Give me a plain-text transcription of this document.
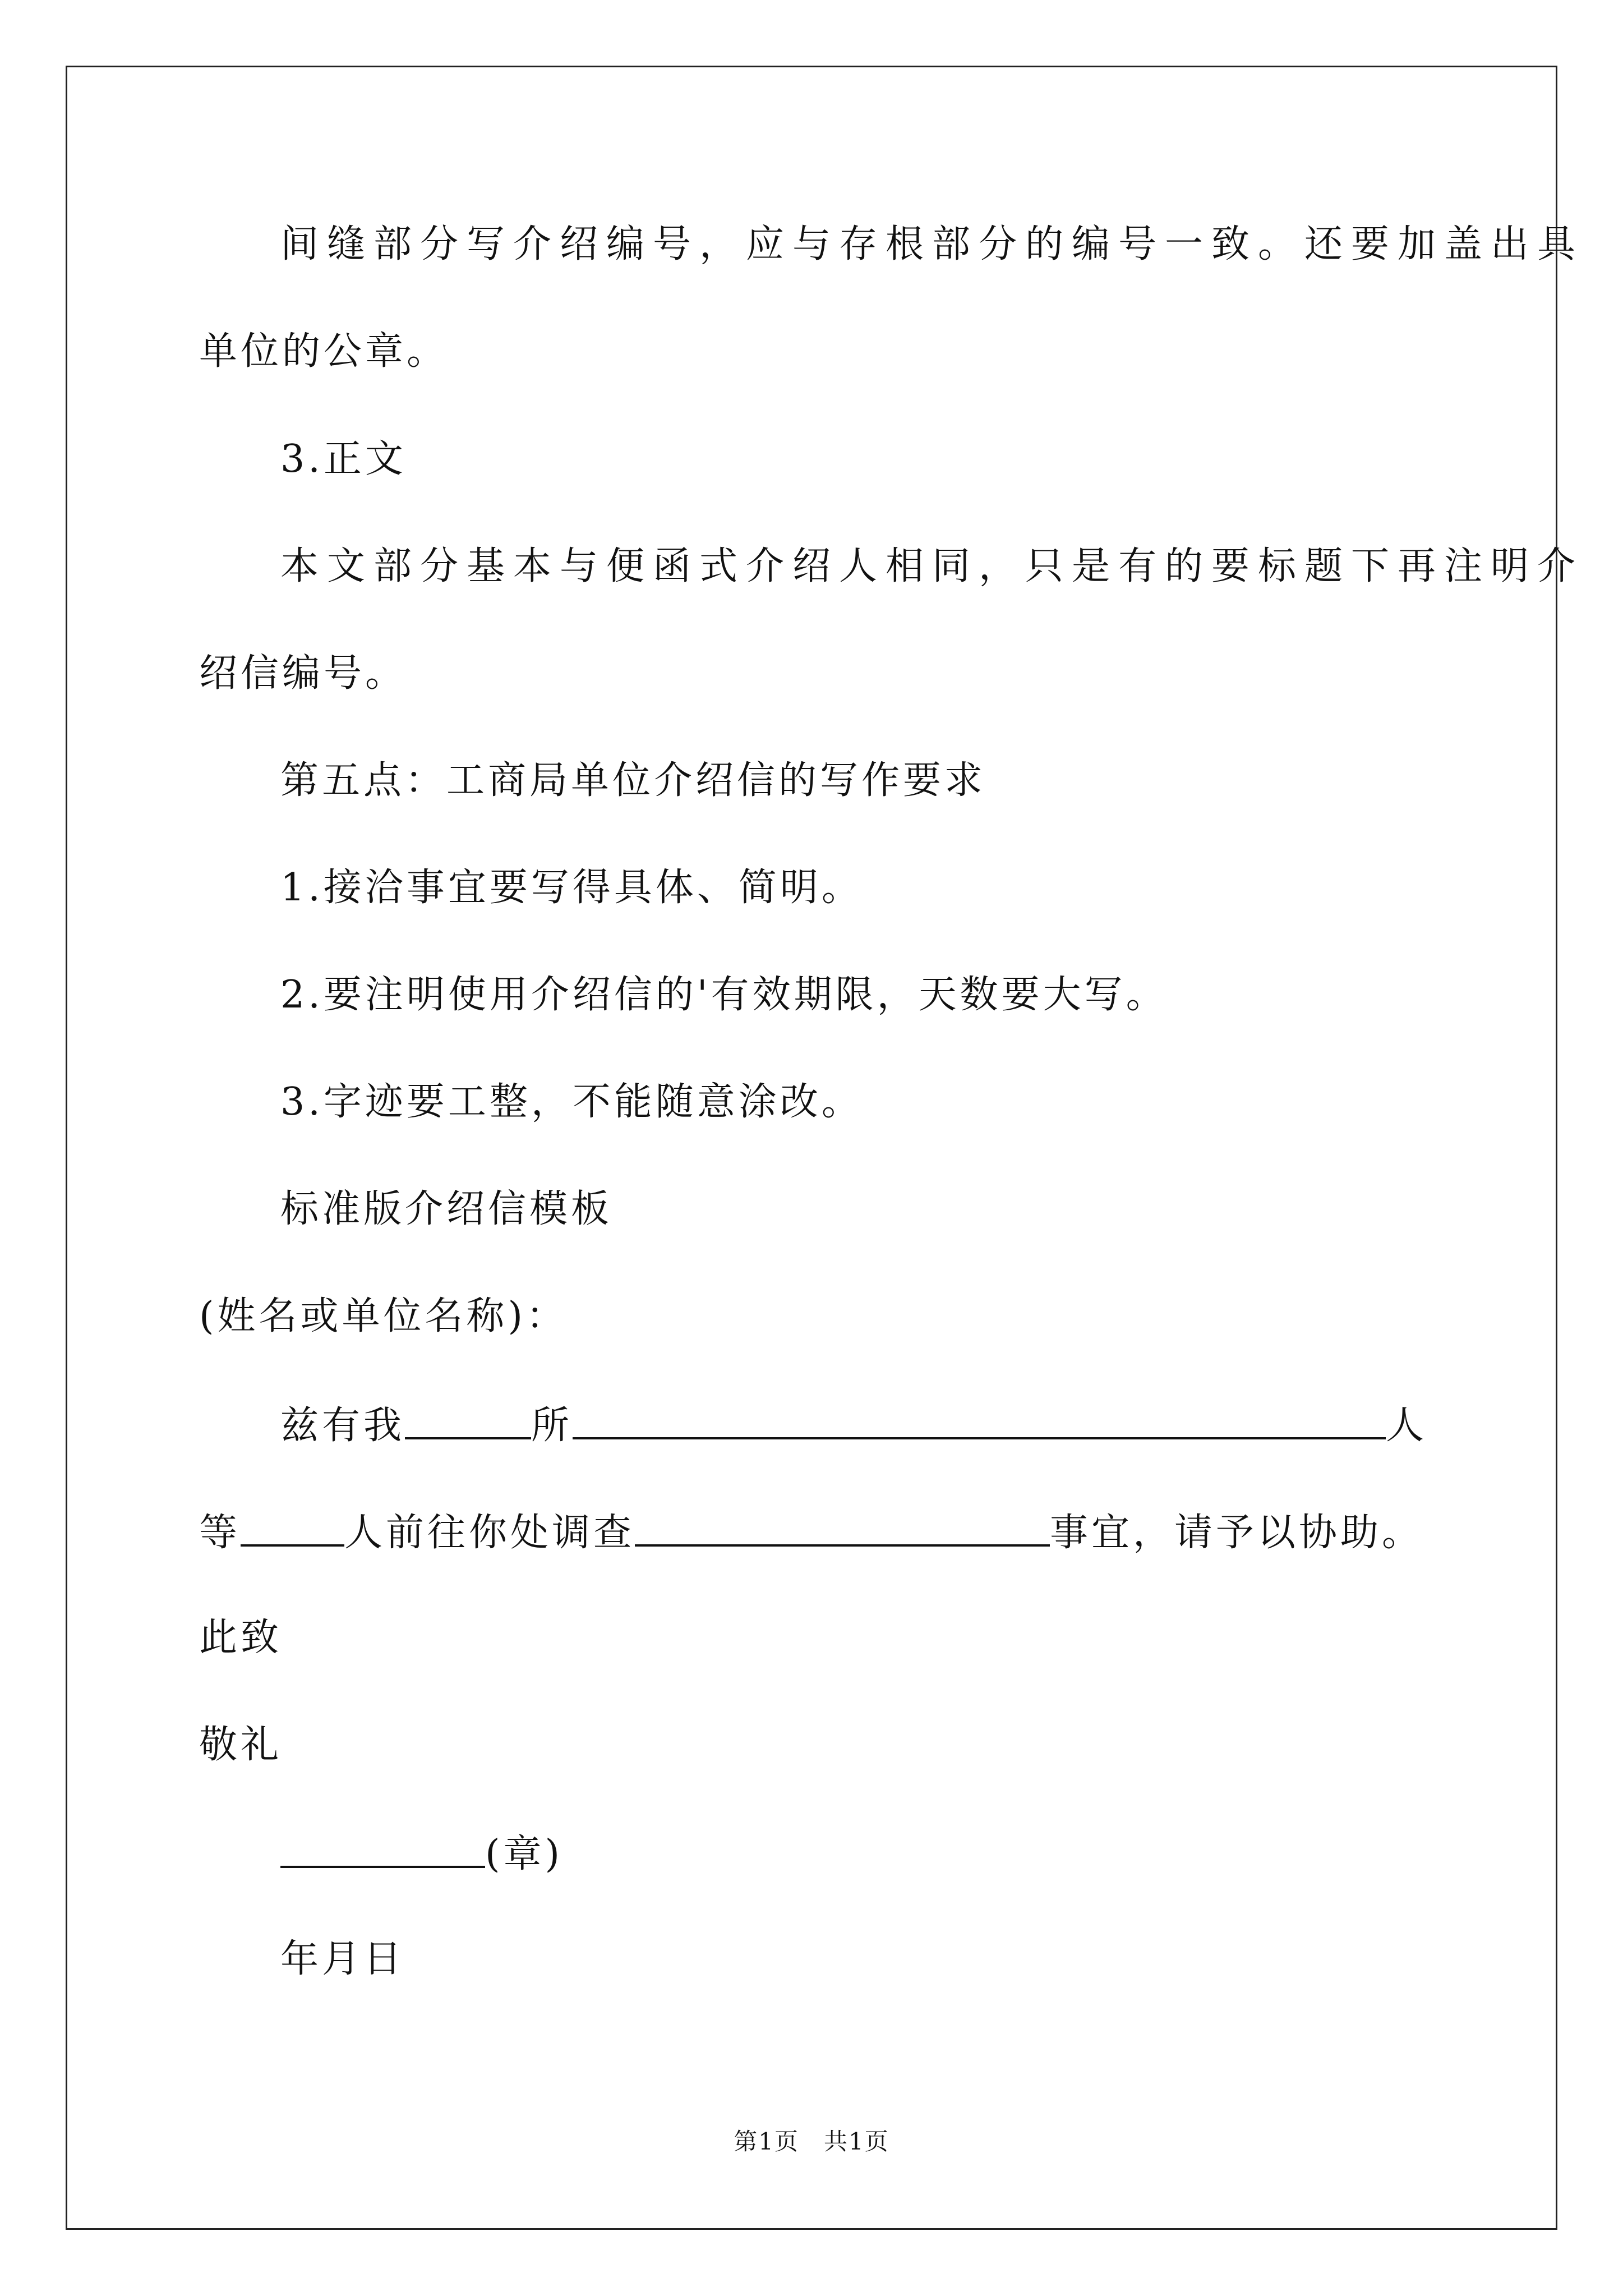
间缝部分写介绍编号，应与存根部分的编号一致。还要加盖出具
单位的公章。
3.正文
本文部分基本与便函式介绍人相同，只是有的要标题下再注明介
绍信编号。
第五点：工商局单位介绍信的写作要求
1.接洽事宜要写得具体、简明。
2.要注明使用介绍信的'有效期限，天数要大写。
3.字迹要工整，不能随意涂改。
标准版介绍信模板
(姓名或单位名称)：
兹有我	所	人
等	人前往你处调查	事宜，请予以协助。
此致
敬礼
(章)
年月日
第1页　共1页
